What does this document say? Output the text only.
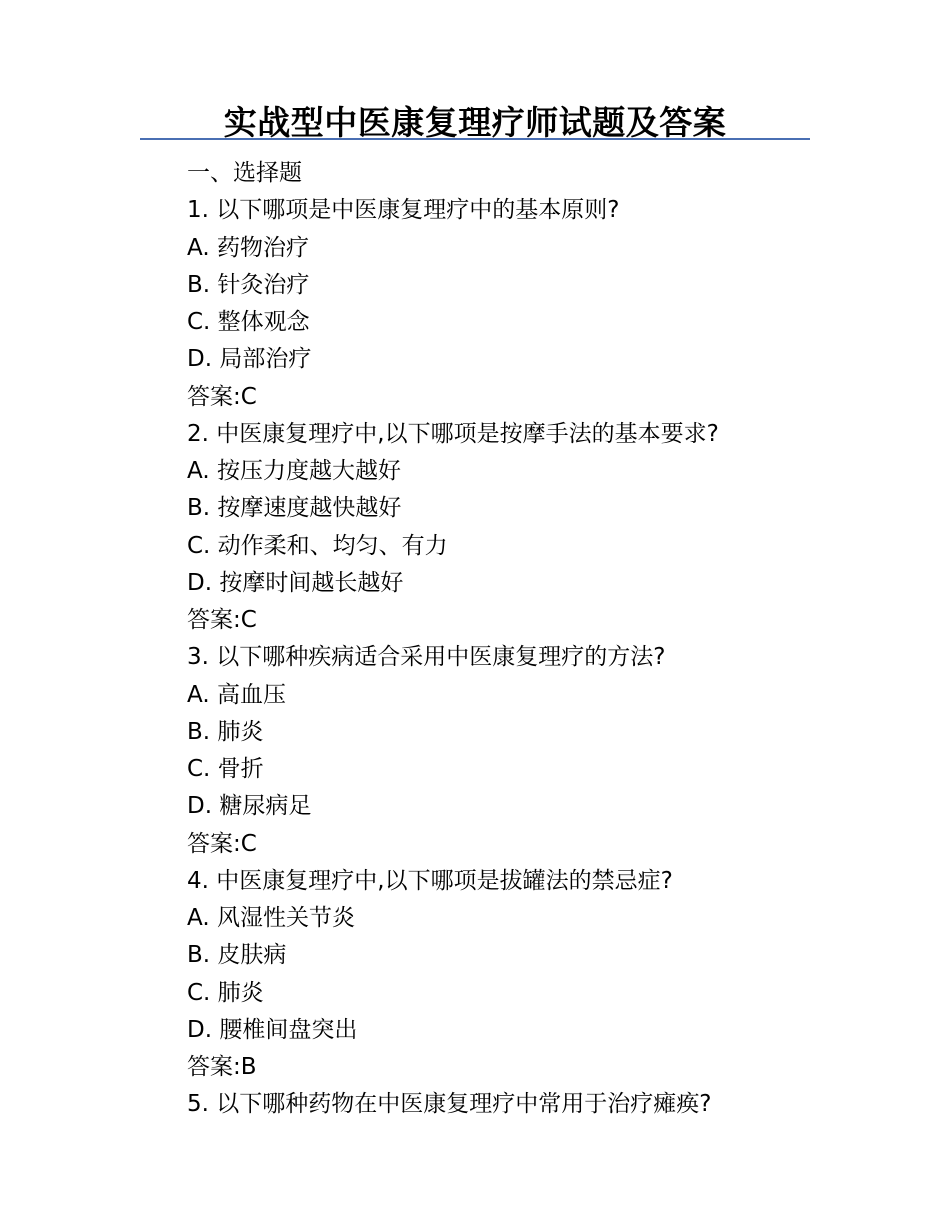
实战型中医康复理疗师试题及答案
一、选择题
1. 以下哪项是中医康复理疗中的基本原则?
A. 药物治疗
B. 针灸治疗
C. 整体观念
D. 局部治疗
答案:C
2. 中医康复理疗中,以下哪项是按摩手法的基本要求?
A. 按压力度越大越好
B. 按摩速度越快越好
C. 动作柔和、均匀、有力
D. 按摩时间越长越好
答案:C
3. 以下哪种疾病适合采用中医康复理疗的方法?
A. 高血压
B. 肺炎
C. 骨折
D. 糖尿病足
答案:C
4. 中医康复理疗中,以下哪项是拔罐法的禁忌症?
A. 风湿性关节炎
B. 皮肤病
C. 肺炎
D. 腰椎间盘突出
答案:B
5. 以下哪种药物在中医康复理疗中常用于治疗瘫痪?
